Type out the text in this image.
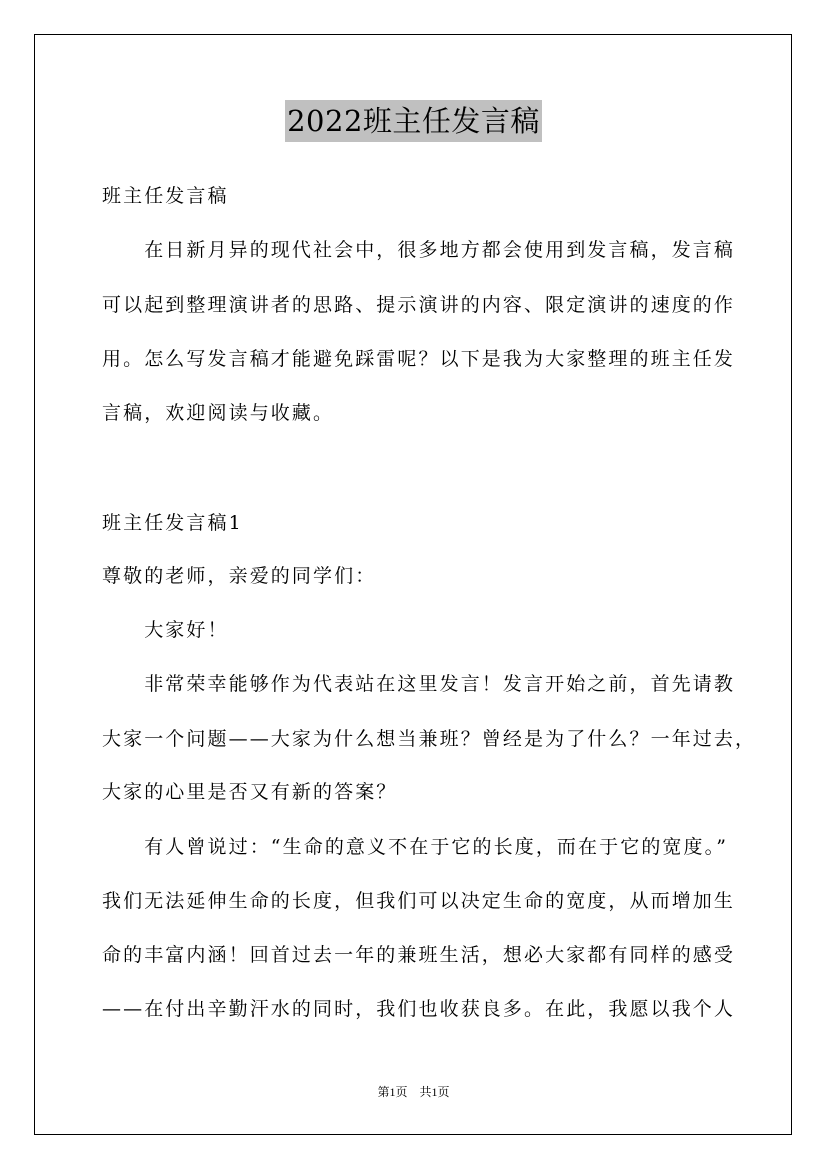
2022班主任发言稿
班主任发言稿
　　在日新月异的现代社会中，很多地方都会使用到发言稿，发言稿
可以起到整理演讲者的思路、提示演讲的内容、限定演讲的速度的作
用。怎么写发言稿才能避免踩雷呢？以下是我为大家整理的班主任发
言稿，欢迎阅读与收藏。
班主任发言稿1
尊敬的老师，亲爱的同学们：
　　大家好！
　　非常荣幸能够作为代表站在这里发言！发言开始之前，首先请教
大家一个问题——大家为什么想当兼班？曾经是为了什么？一年过去，
大家的心里是否又有新的答案？
　　有人曾说过：“生命的意义不在于它的长度，而在于它的宽度。”
我们无法延伸生命的长度，但我们可以决定生命的宽度，从而增加生
命的丰富内涵！回首过去一年的兼班生活，想必大家都有同样的感受
——在付出辛勤汗水的同时，我们也收获良多。在此，我愿以我个人
第1页 共1页
